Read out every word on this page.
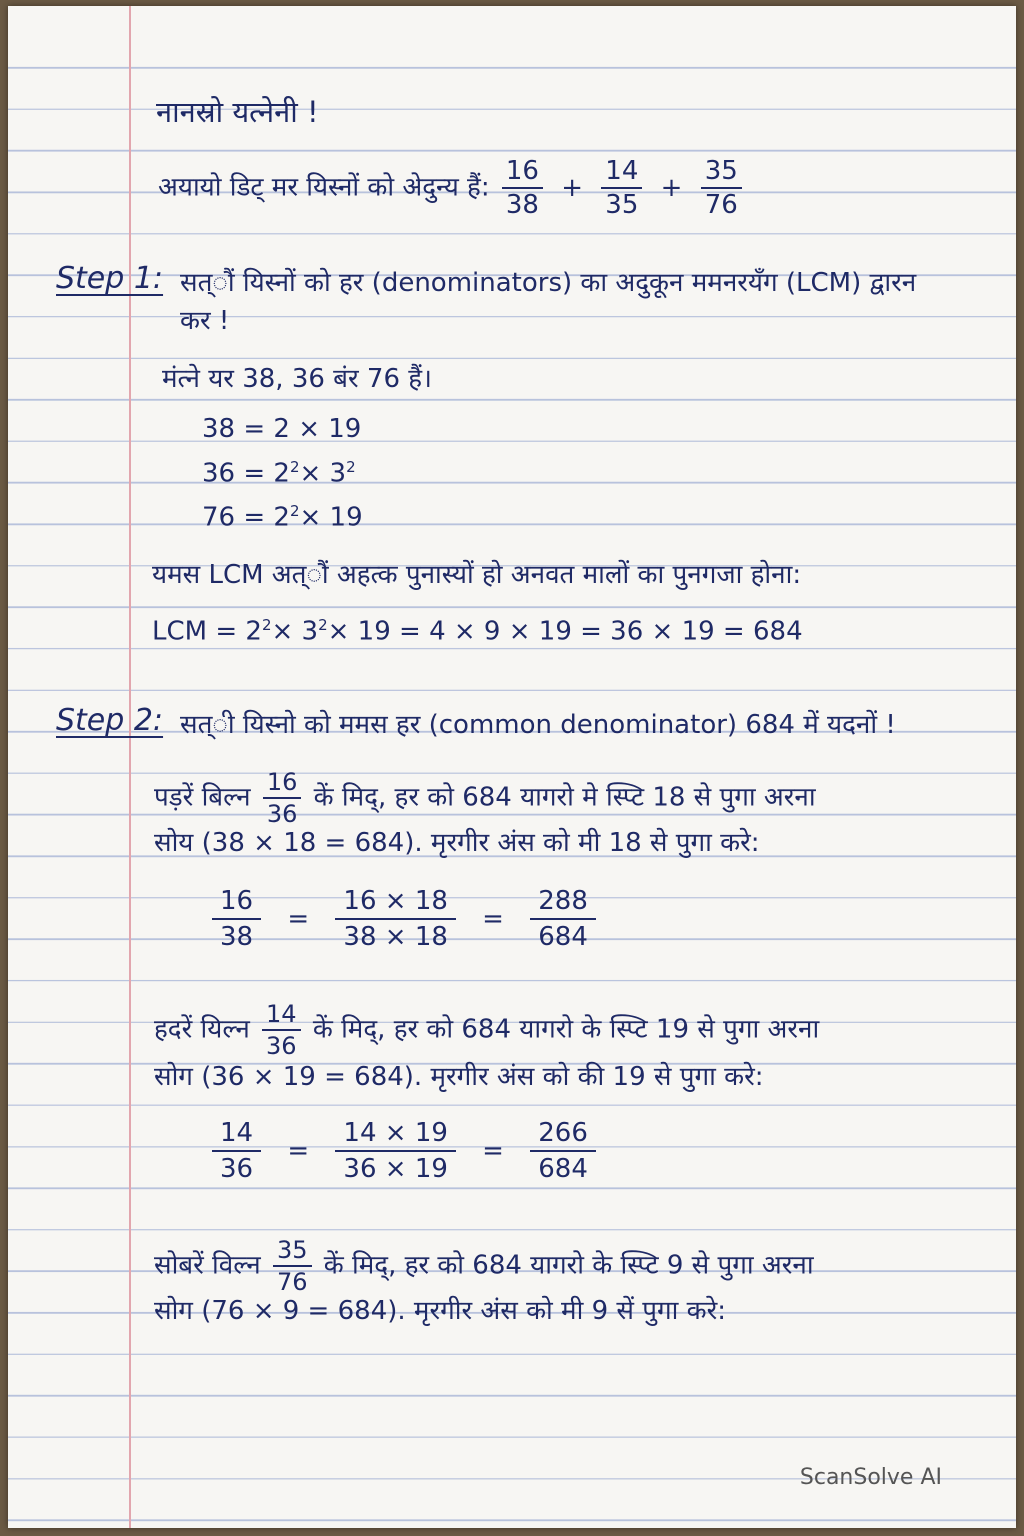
नानस्रो यत्नेनी !
अयायो डिट् मर यिस्नों को अेदुन्य हैं: $\frac{16}{38} + \frac{14}{35} + \frac{35}{76}$
Step 1: सत्ौं यिस्नों को हर (denominators) का अदुकून ममनरयँग (LCM) द्वारन
कर !
मंत्ने यर 38, 36 बंर 76 हैं।
38 = 2 × 19
$36 = 2^2\times 3^2$
$76 = 2^2\times 19$
यमस LCM अत्ौं अहत्क पुनास्यों हो अनवत मालों का पुनगजा होना:
LCM = $2^2\times 3^2\times 19 = 4 \times 9 \times 19 = 36 \times 19 = 684$
Step 2: सत्ी यिस्नो को ममस हर (common denominator) 684 में यदनों !
पड़रें बिल्न $\frac{16}{36}$ कें मिद्, हर को 684 यागरो मे स्प्टि 18 से पुगा अरना
सोय (38 × 18 = 684). मृरगीर अंस को मी 18 से पुगा करे:
$\frac{16}{38} = \frac{16 \times 18}{38 \times 18} = \frac{288}{684}$
हदरें यिल्न $\frac{14}{36}$ कें मिद्, हर को 684 यागरो के स्प्टि 19 से पुगा अरना
सोग (36 × 19 = 684). मृरगीर अंस को की 19 से पुगा करे:
$\frac{14}{36} = \frac{14 \times 19}{36 \times 19} = \frac{266}{684}$
सोबरें विल्न $\frac{35}{76}$ कें मिद्, हर को 684 यागरो के स्प्टि 9 से पुगा अरना
सोग (76 × 9 = 684). मृरगीर अंस को मी 9 सें पुगा करे:
ScanSolve AI
